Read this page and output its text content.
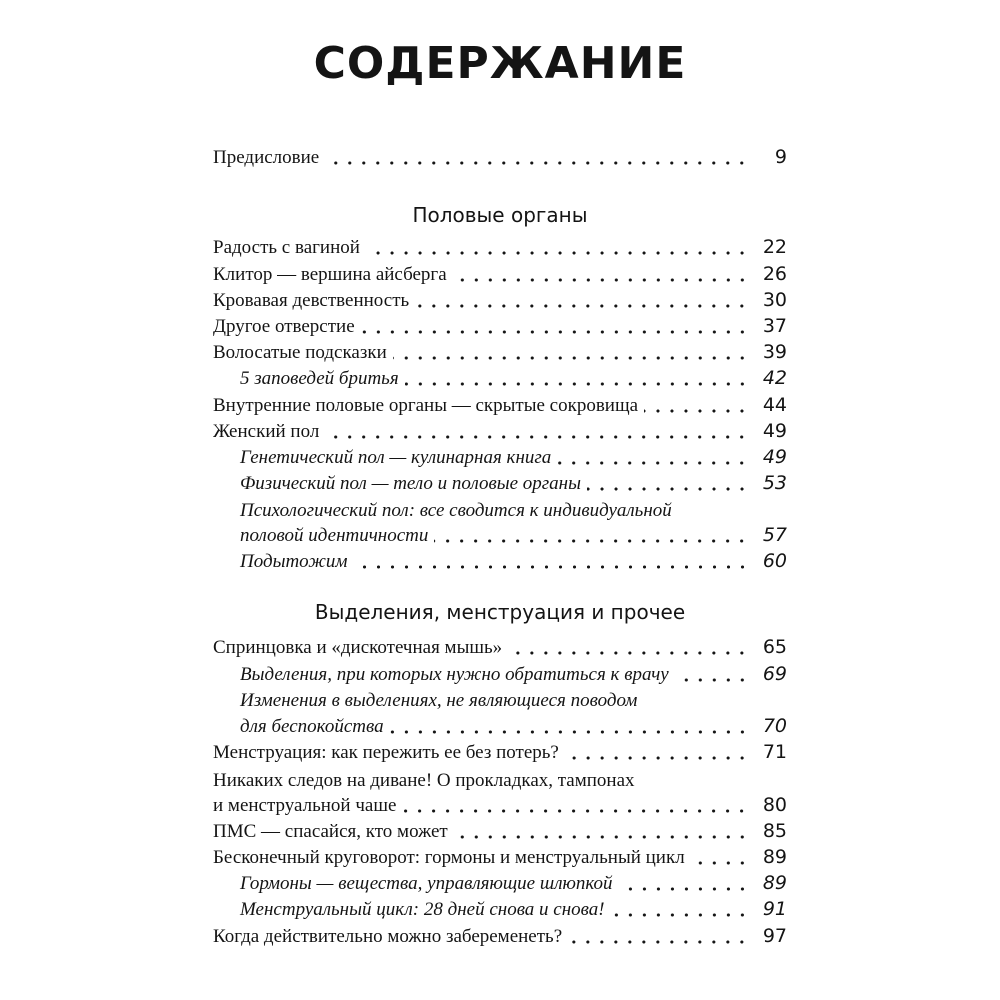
СОДЕРЖАНИЕ
Предисловие	9
Половые органы
Радость с вагиной	22
Клитор — вершина айсберга	26
Кровавая девственность	30
Другое отверстие	37
Волосатые подсказки	39
5 заповедей бритья	42
Внутренние половые органы — скрытые сокровища	44
Женский пол	49
Генетический пол — кулинарная книга	49
Физический пол — тело и половые органы	53
Психологический пол: все сводится к индивидуальной
половой идентичности	57
Подытожим	60
Выделения, менструация и прочее
Спринцовка и «дискотечная мышь»	65
Выделения, при которых нужно обратиться к врачу	69
Изменения в выделениях, не являющиеся поводом
для беспокойства	70
Менструация: как пережить ее без потерь?	71
Никаких следов на диване! О прокладках, тампонах
и менструальной чаше	80
ПМС — спасайся, кто может	85
Бесконечный круговорот: гормоны и менструальный цикл	89
Гормоны — вещества, управляющие шлюпкой	89
Менструальный цикл: 28 дней снова и снова!	91
Когда действительно можно забеременеть?	97
